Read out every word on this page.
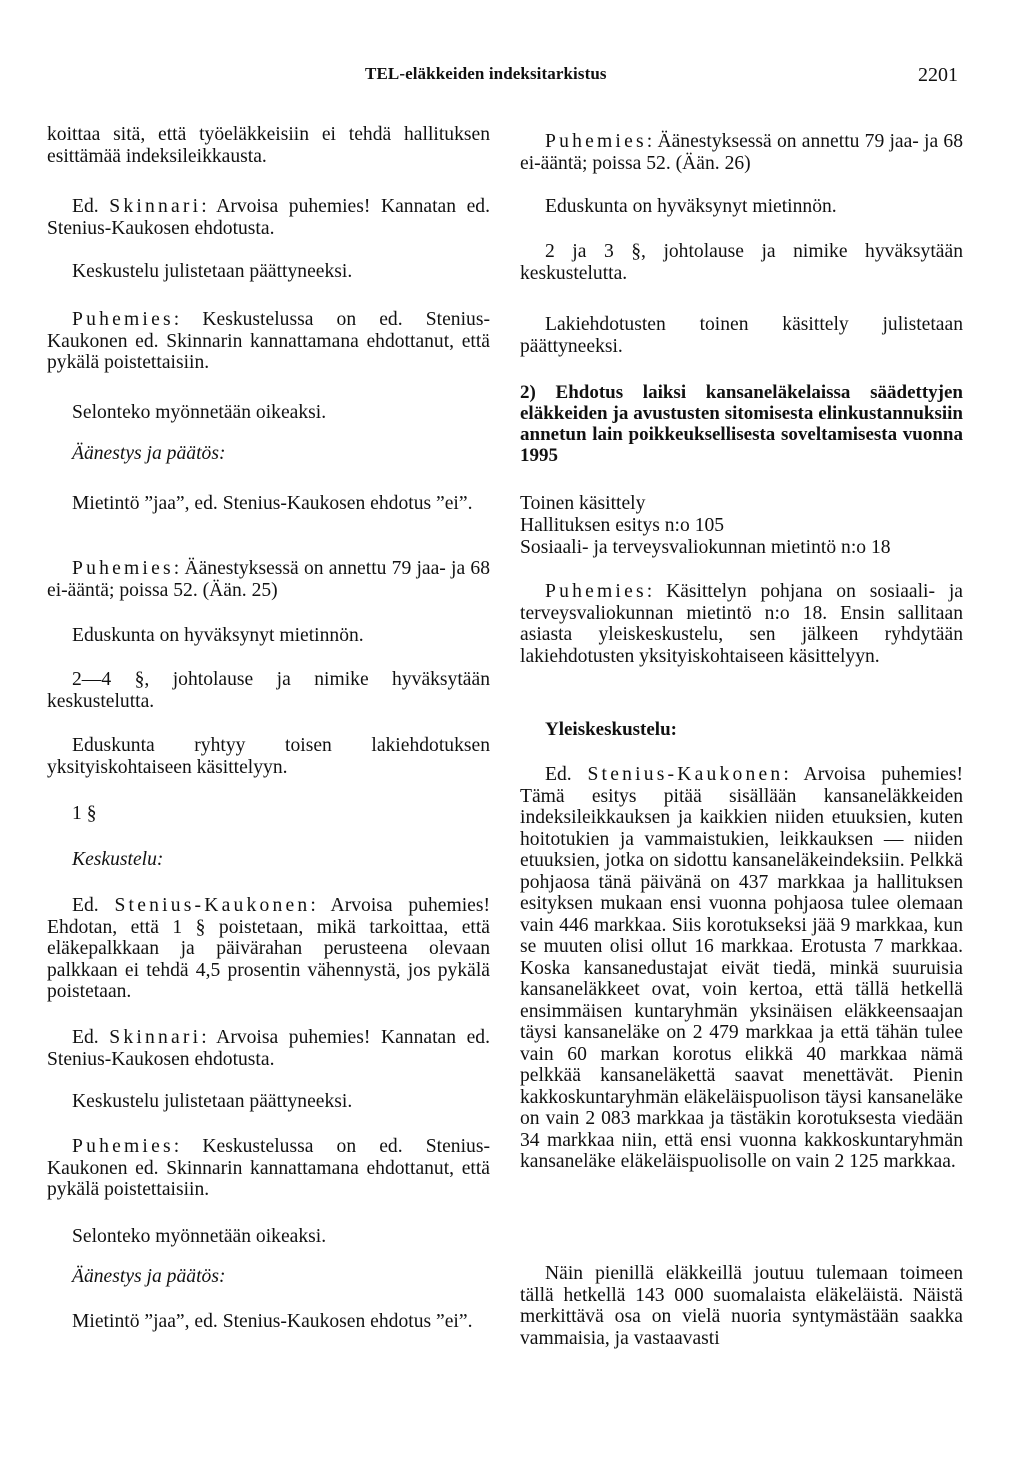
TEL-eläkkeiden indeksitarkistus	2201

koittaa sitä, että työeläkkeisiin ei tehdä hallituksen esittämää indeksileikkausta.

Ed. Skinnari: Arvoisa puhemies! Kannatan ed. Stenius-Kaukosen ehdotusta.

Keskustelu julistetaan päättyneeksi.

Puhemies: Keskustelussa on ed. Stenius-Kaukonen ed. Skinnarin kannattamana ehdottanut, että pykälä poistettaisiin.

Selonteko myönnetään oikeaksi.

Äänestys ja päätös:

Mietintö ”jaa”, ed. Stenius-Kaukosen ehdotus ”ei”.

Puhemies: Äänestyksessä on annettu 79 jaa- ja 68 ei-ääntä; poissa 52. (Ään. 25)

Eduskunta on hyväksynyt mietinnön.

2—4 §, johtolause ja nimike hyväksytään keskustelutta.

Eduskunta ryhtyy toisen lakiehdotuksen yksityiskohtaiseen käsittelyyn.

1 §

Keskustelu:

Ed. Stenius-Kaukonen: Arvoisa puhemies! Ehdotan, että 1 § poistetaan, mikä tarkoittaa, että eläkepalkkaan ja päivärahan perusteena olevaan palkkaan ei tehdä 4,5 prosentin vähennystä, jos pykälä poistetaan.

Ed. Skinnari: Arvoisa puhemies! Kannatan ed. Stenius-Kaukosen ehdotusta.

Keskustelu julistetaan päättyneeksi.

Puhemies: Keskustelussa on ed. Stenius-Kaukonen ed. Skinnarin kannattamana ehdottanut, että pykälä poistettaisiin.

Selonteko myönnetään oikeaksi.

Äänestys ja päätös:

Mietintö ”jaa”, ed. Stenius-Kaukosen ehdotus ”ei”.

Puhemies: Äänestyksessä on annettu 79 jaa- ja 68 ei-ääntä; poissa 52. (Ään. 26)

Eduskunta on hyväksynyt mietinnön.

2 ja 3 §, johtolause ja nimike hyväksytään keskustelutta.

Lakiehdotusten toinen käsittely julistetaan päättyneeksi.

2) Ehdotus laiksi kansaneläkelaissa säädettyjen eläkkeiden ja avustusten sitomisesta elinkustannuksiin annetun lain poikkeuksellisesta soveltamisesta vuonna 1995

Toinen käsittely

Hallituksen esitys n:o 105

Sosiaali- ja terveysvaliokunnan mietintö n:o 18

Puhemies: Käsittelyn pohjana on sosiaali- ja terveysvaliokunnan mietintö n:o 18. Ensin sallitaan asiasta yleiskeskustelu, sen jälkeen ryhdytään lakiehdotusten yksityiskohtaiseen käsittelyyn.

Yleiskeskustelu:

Ed. Stenius-Kaukonen: Arvoisa puhemies! Tämä esitys pitää sisällään kansaneläkkeiden indeksileikkauksen ja kaikkien niiden etuuksien, kuten hoitotukien ja vammaistukien, leikkauksen — niiden etuuksien, jotka on sidottu kansaneläkeindeksiin. Pelkkä pohjaosa tänä päivänä on 437 markkaa ja hallituksen esityksen mukaan ensi vuonna pohjaosa tulee olemaan vain 446 markkaa. Siis korotukseksi jää 9 markkaa, kun se muuten olisi ollut 16 markkaa. Erotusta 7 markkaa. Koska kansanedustajat eivät tiedä, minkä suuruisia kansaneläkkeet ovat, voin kertoa, että tällä hetkellä ensimmäisen kuntaryhmän yksinäisen eläkkeensaajan täysi kansaneläke on 2 479 markkaa ja että tähän tulee vain 60 markan korotus elikkä 40 markkaa nämä pelkkää kansaneläkettä saavat menettävät. Pienin kakkoskuntaryhmän eläkeläispuolison täysi kansaneläke on vain 2 083 markkaa ja tästäkin korotuksesta viedään 34 markkaa niin, että ensi vuonna kakkoskuntaryhmän kansaneläke eläkeläispuolisolle on vain 2 125 markkaa.

Näin pienillä eläkkeillä joutuu tulemaan toimeen tällä hetkellä 143 000 suomalaista eläkeläistä. Näistä merkittävä osa on vielä nuoria syntymästään saakka vammaisia, ja vastaavasti
